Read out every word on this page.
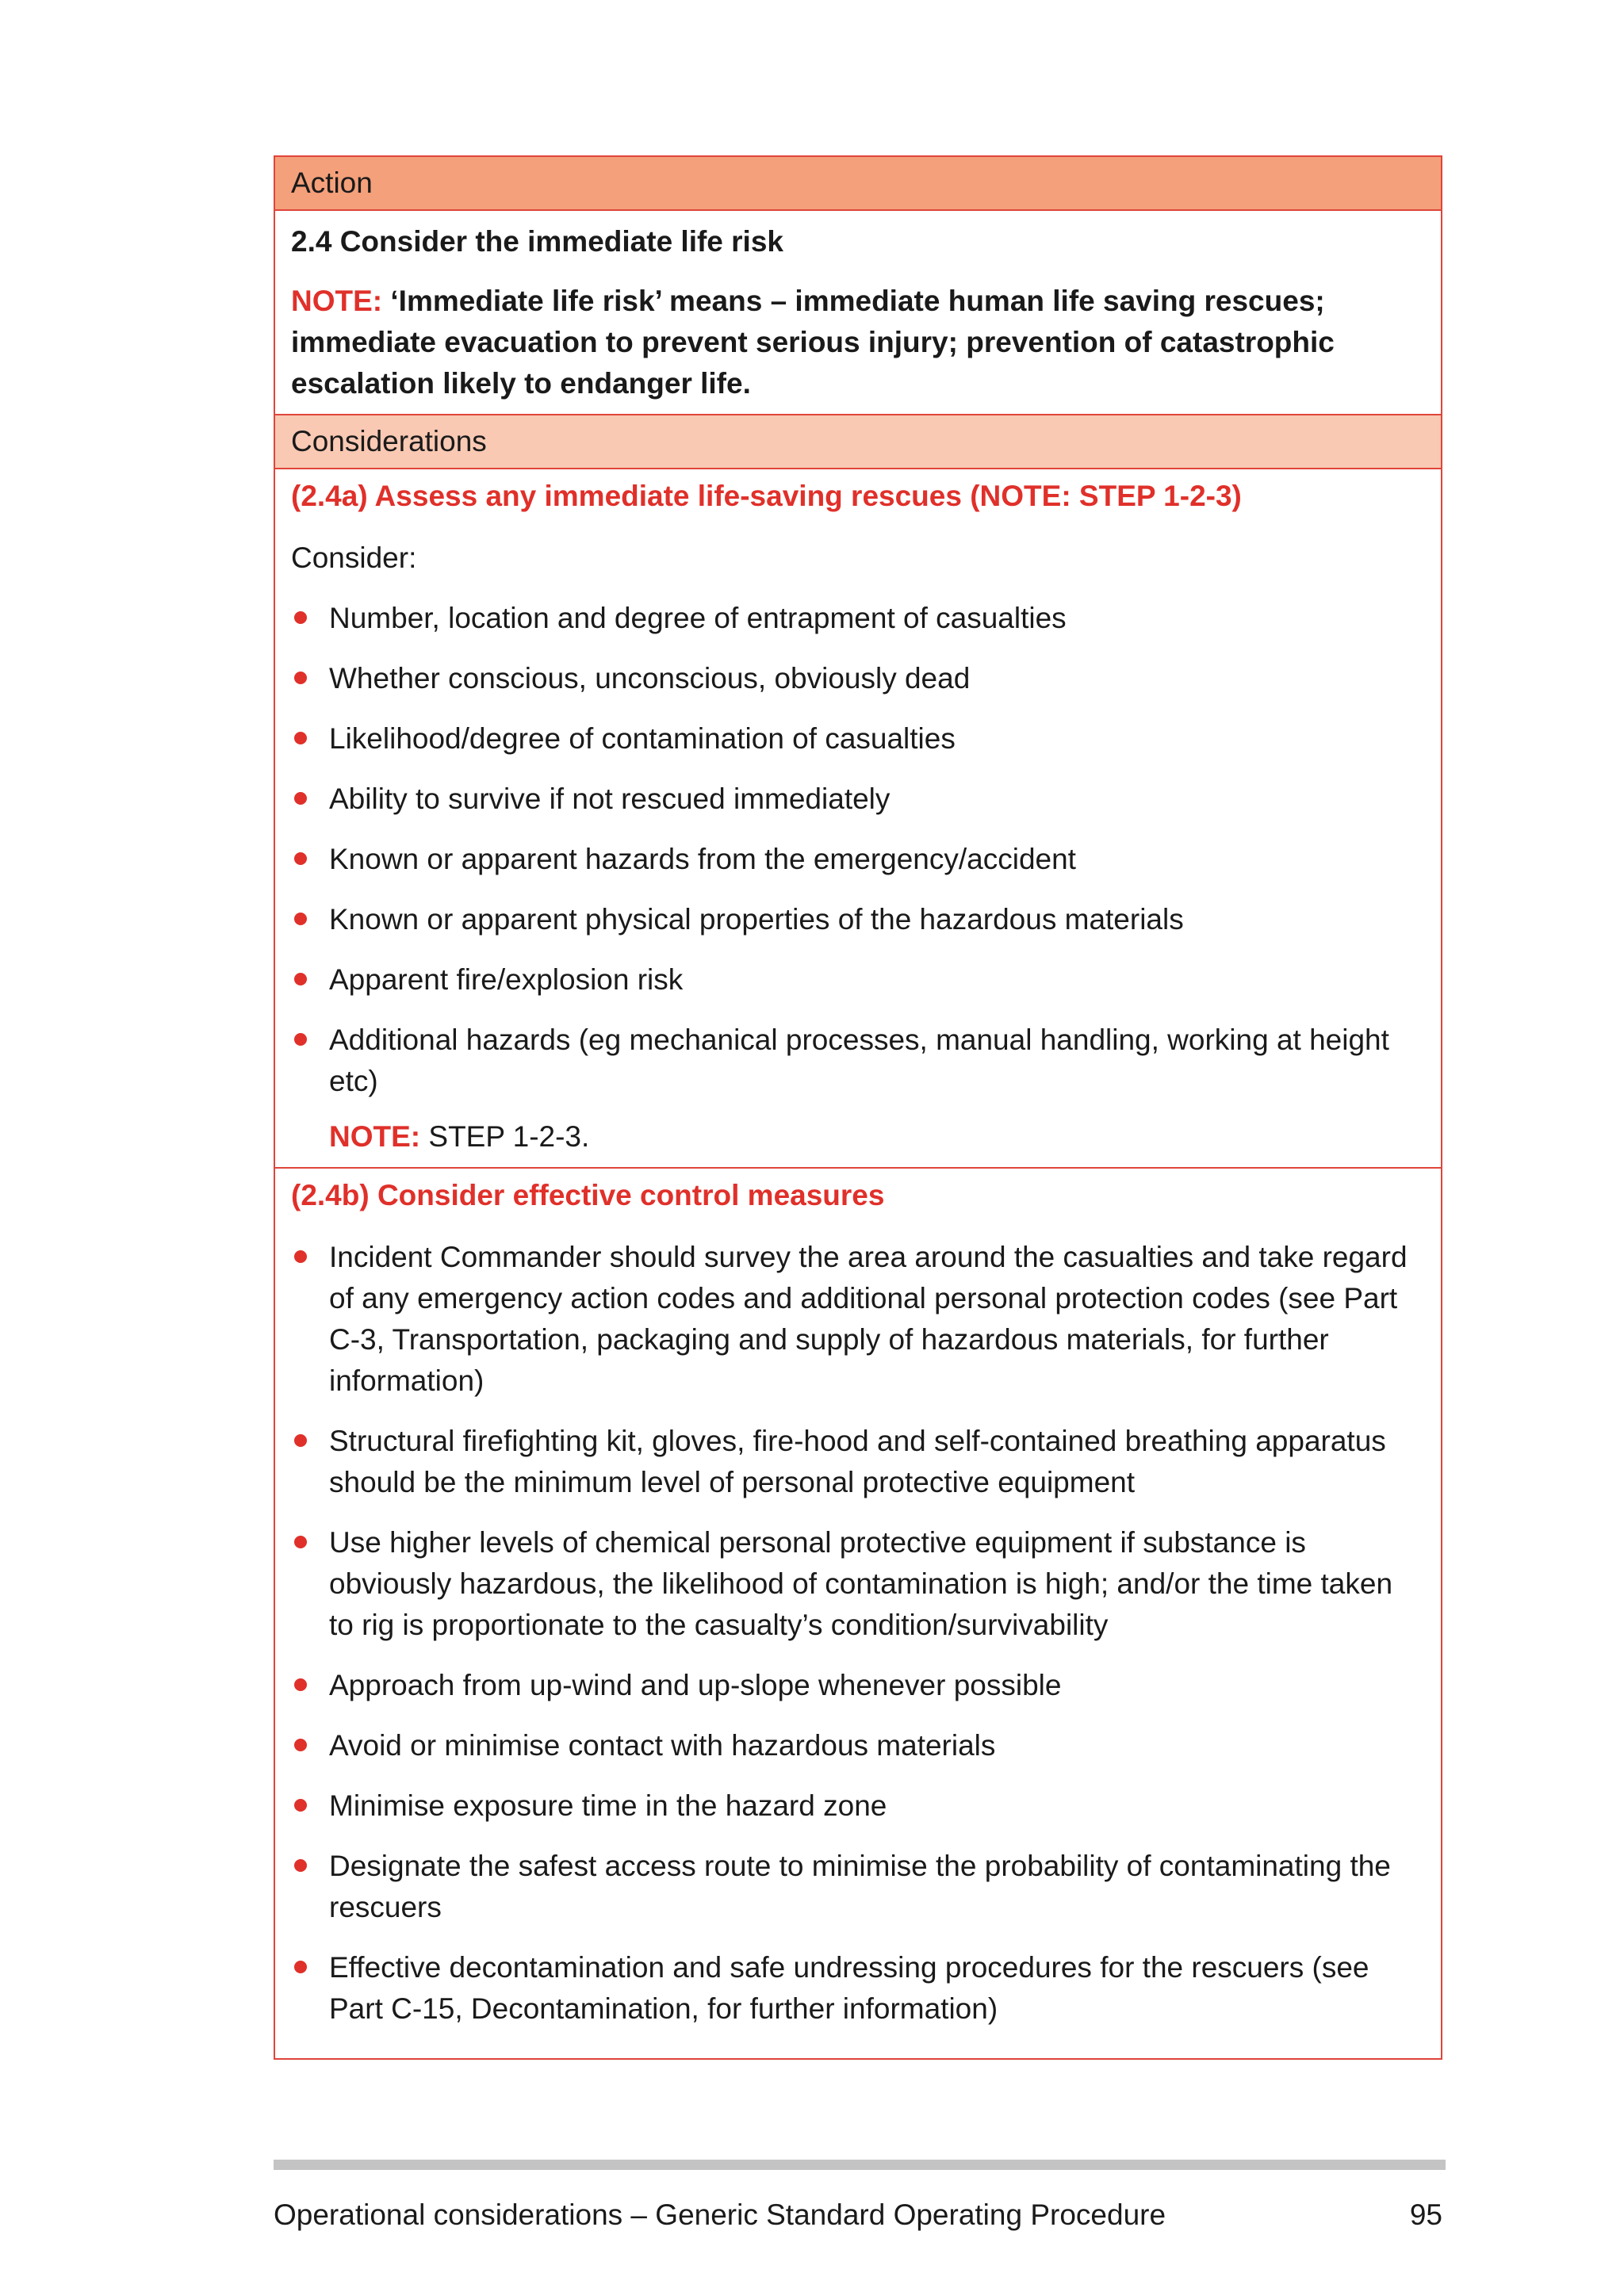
Action

2.4 Consider the immediate life risk

NOTE: ‘Immediate life risk’ means – immediate human life saving rescues; immediate evacuation to prevent serious injury; prevention of catastrophic escalation likely to endanger life.

Considerations

(2.4a) Assess any immediate life-saving rescues (NOTE: STEP 1-2-3)

Consider:

Number, location and degree of entrapment of casualties
Whether conscious, unconscious, obviously dead
Likelihood/degree of contamination of casualties
Ability to survive if not rescued immediately
Known or apparent hazards from the emergency/accident
Known or apparent physical properties of the hazardous materials
Apparent fire/explosion risk
Additional hazards (eg mechanical processes, manual handling, working at height etc)

NOTE: STEP 1-2-3.

(2.4b) Consider effective control measures

Incident Commander should survey the area around the casualties and take regard of any emergency action codes and additional personal protection codes (see Part C-3, Transportation, packaging and supply of hazardous materials, for further information)
Structural firefighting kit, gloves, fire-hood and self-contained breathing apparatus should be the minimum level of personal protective equipment
Use higher levels of chemical personal protective equipment if substance is obviously hazardous, the likelihood of contamination is high; and/or the time taken to rig is proportionate to the casualty’s condition/survivability
Approach from up-wind and up-slope whenever possible
Avoid or minimise contact with hazardous materials
Minimise exposure time in the hazard zone
Designate the safest access route to minimise the probability of contaminating the rescuers
Effective decontamination and safe undressing procedures for the rescuers (see Part C-15, Decontamination, for further information)
Operational considerations – Generic Standard Operating Procedure	95
